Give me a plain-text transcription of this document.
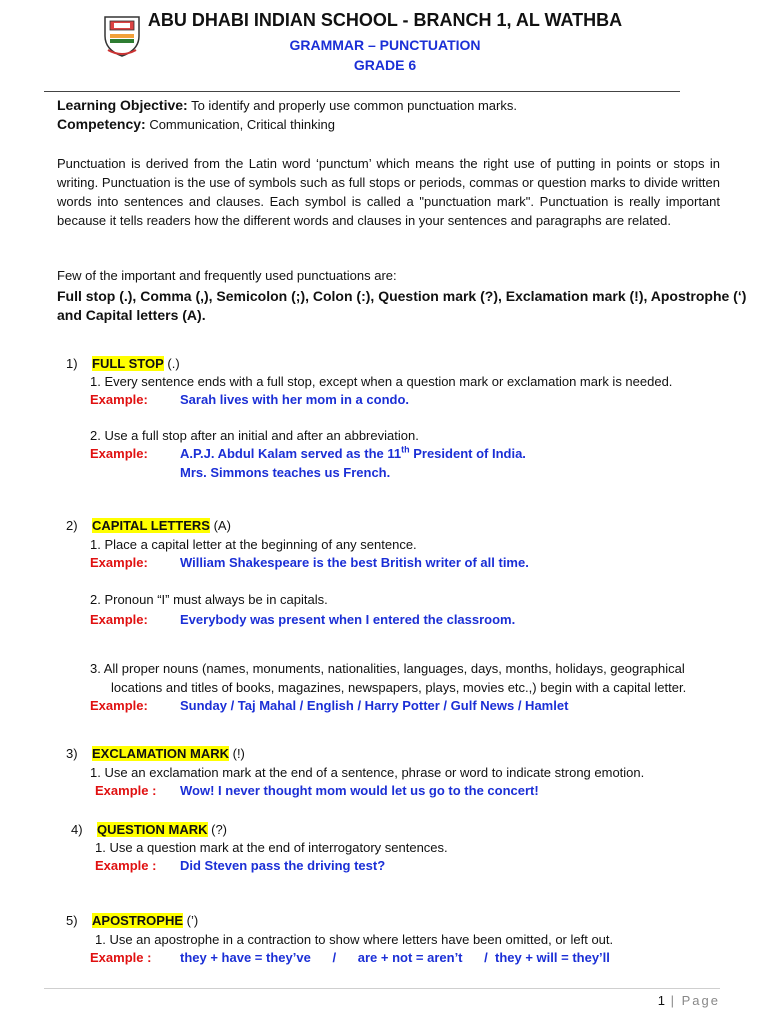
ABU DHABI INDIAN SCHOOL - BRANCH 1, AL WATHBA
GRAMMAR – PUNCTUATION
GRADE 6
Learning Objective: To identify and properly use common punctuation marks.
Competency: Communication, Critical thinking
Punctuation is derived from the Latin word ‘punctum’ which means the right use of putting in points or stops in writing. Punctuation is the use of symbols such as full stops or periods, commas or question marks to divide written words into sentences and clauses. Each symbol is called a "punctuation mark". Punctuation is really important because it tells readers how the different words and clauses in your sentences and paragraphs are related.
Few of the important and frequently used punctuations are:
Full stop (.), Comma (,), Semicolon (;), Colon (:), Question mark (?), Exclamation mark (!), Apostrophe (‘)
and Capital letters (A).
1) FULL STOP (.)
1. Every sentence ends with a full stop, except when a question mark or exclamation mark is needed.
Example: Sarah lives with her mom in a condo.
2. Use a full stop after an initial and after an abbreviation.
Example: A.P.J. Abdul Kalam served as the 11th President of India.
Mrs. Simmons teaches us French.
2) CAPITAL LETTERS (A)
1. Place a capital letter at the beginning of any sentence.
Example: William Shakespeare is the best British writer of all time.
2. Pronoun “I” must always be in capitals.
Example: Everybody was present when I entered the classroom.
3. All proper nouns (names, monuments, nationalities, languages, days, months, holidays, geographical
locations and titles of books, magazines, newspapers, plays, movies etc.,) begin with a capital letter.
Example: Sunday / Taj Mahal / English / Harry Potter / Gulf News / Hamlet
3) EXCLAMATION MARK (!)
1. Use an exclamation mark at the end of a sentence, phrase or word to indicate strong emotion.
Example : Wow! I never thought mom would let us go to the concert!
4) QUESTION MARK (?)
1. Use a question mark at the end of interrogatory sentences.
Example : Did Steven pass the driving test?
5) APOSTROPHE (’)
1. Use an apostrophe in a contraction to show where letters have been omitted, or left out.
Example : they + have = they’ve      /      are + not = aren’t      /  they + will = they’ll
1 | Page
